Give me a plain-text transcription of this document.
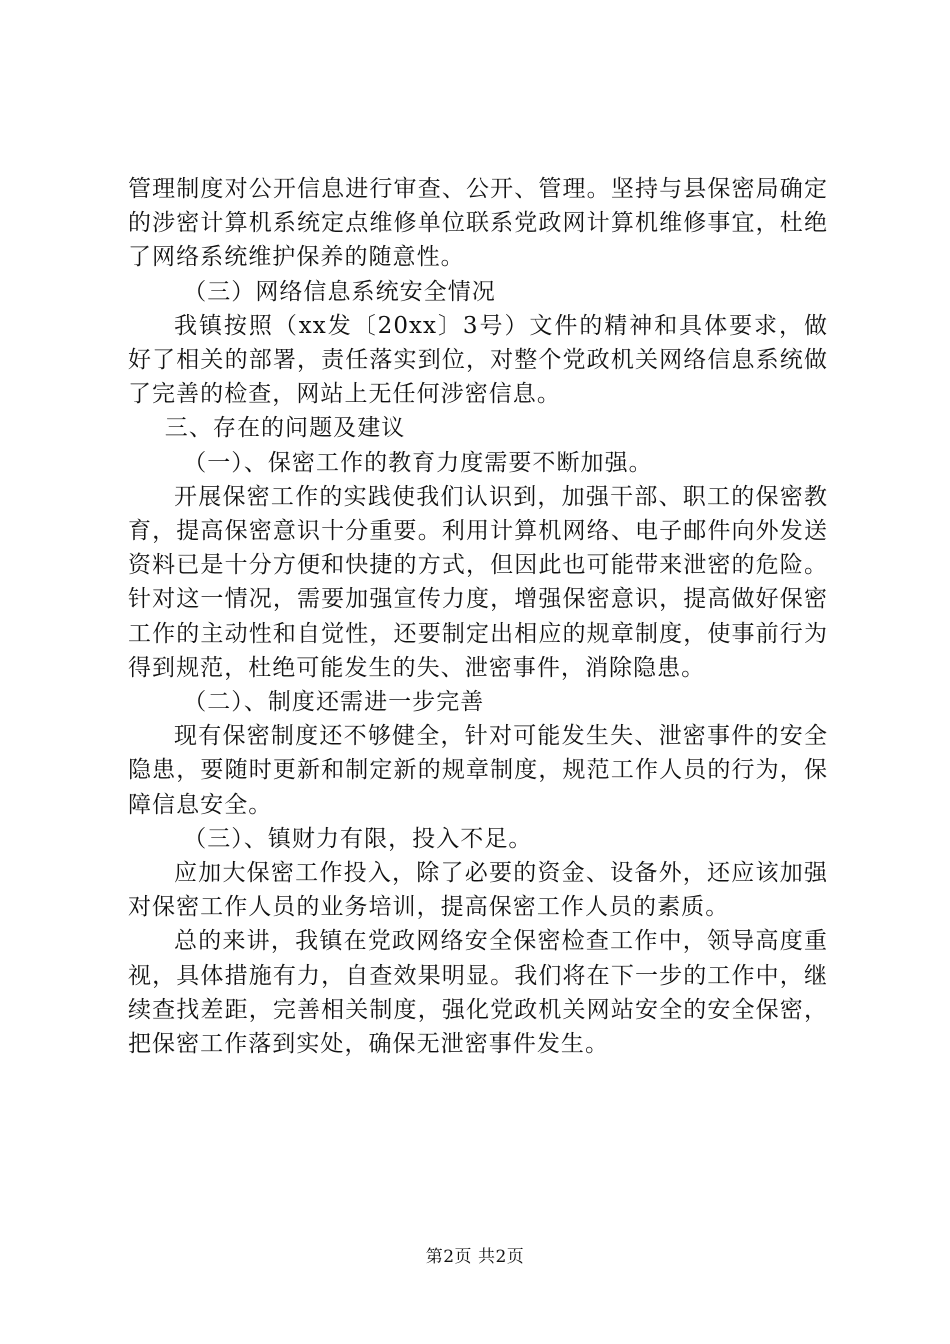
管理制度对公开信息进行审查、公开、管理。坚持与县保密局确定的涉密计算机系统定点维修单位联系党政网计算机维修事宜，杜绝了网络系统维护保养的随意性。

（三）网络信息系统安全情况

我镇按照（xx发〔20xx〕3号）文件的精神和具体要求，做好了相关的部署，责任落实到位，对整个党政机关网络信息系统做了完善的检查，网站上无任何涉密信息。

三、存在的问题及建议

（一）、保密工作的教育力度需要不断加强。

开展保密工作的实践使我们认识到，加强干部、职工的保密教育，提高保密意识十分重要。利用计算机网络、电子邮件向外发送资料已是十分方便和快捷的方式，但因此也可能带来泄密的危险。针对这一情况，需要加强宣传力度，增强保密意识，提高做好保密工作的主动性和自觉性，还要制定出相应的规章制度，使事前行为得到规范，杜绝可能发生的失、泄密事件，消除隐患。

（二）、制度还需进一步完善

现有保密制度还不够健全，针对可能发生失、泄密事件的安全隐患，要随时更新和制定新的规章制度，规范工作人员的行为，保障信息安全。

（三）、镇财力有限，投入不足。

应加大保密工作投入，除了必要的资金、设备外，还应该加强对保密工作人员的业务培训，提高保密工作人员的素质。

总的来讲，我镇在党政网络安全保密检查工作中，领导高度重视，具体措施有力，自查效果明显。我们将在下一步的工作中，继续查找差距，完善相关制度，强化党政机关网站安全的安全保密，把保密工作落到实处，确保无泄密事件发生。

第2页 共2页
